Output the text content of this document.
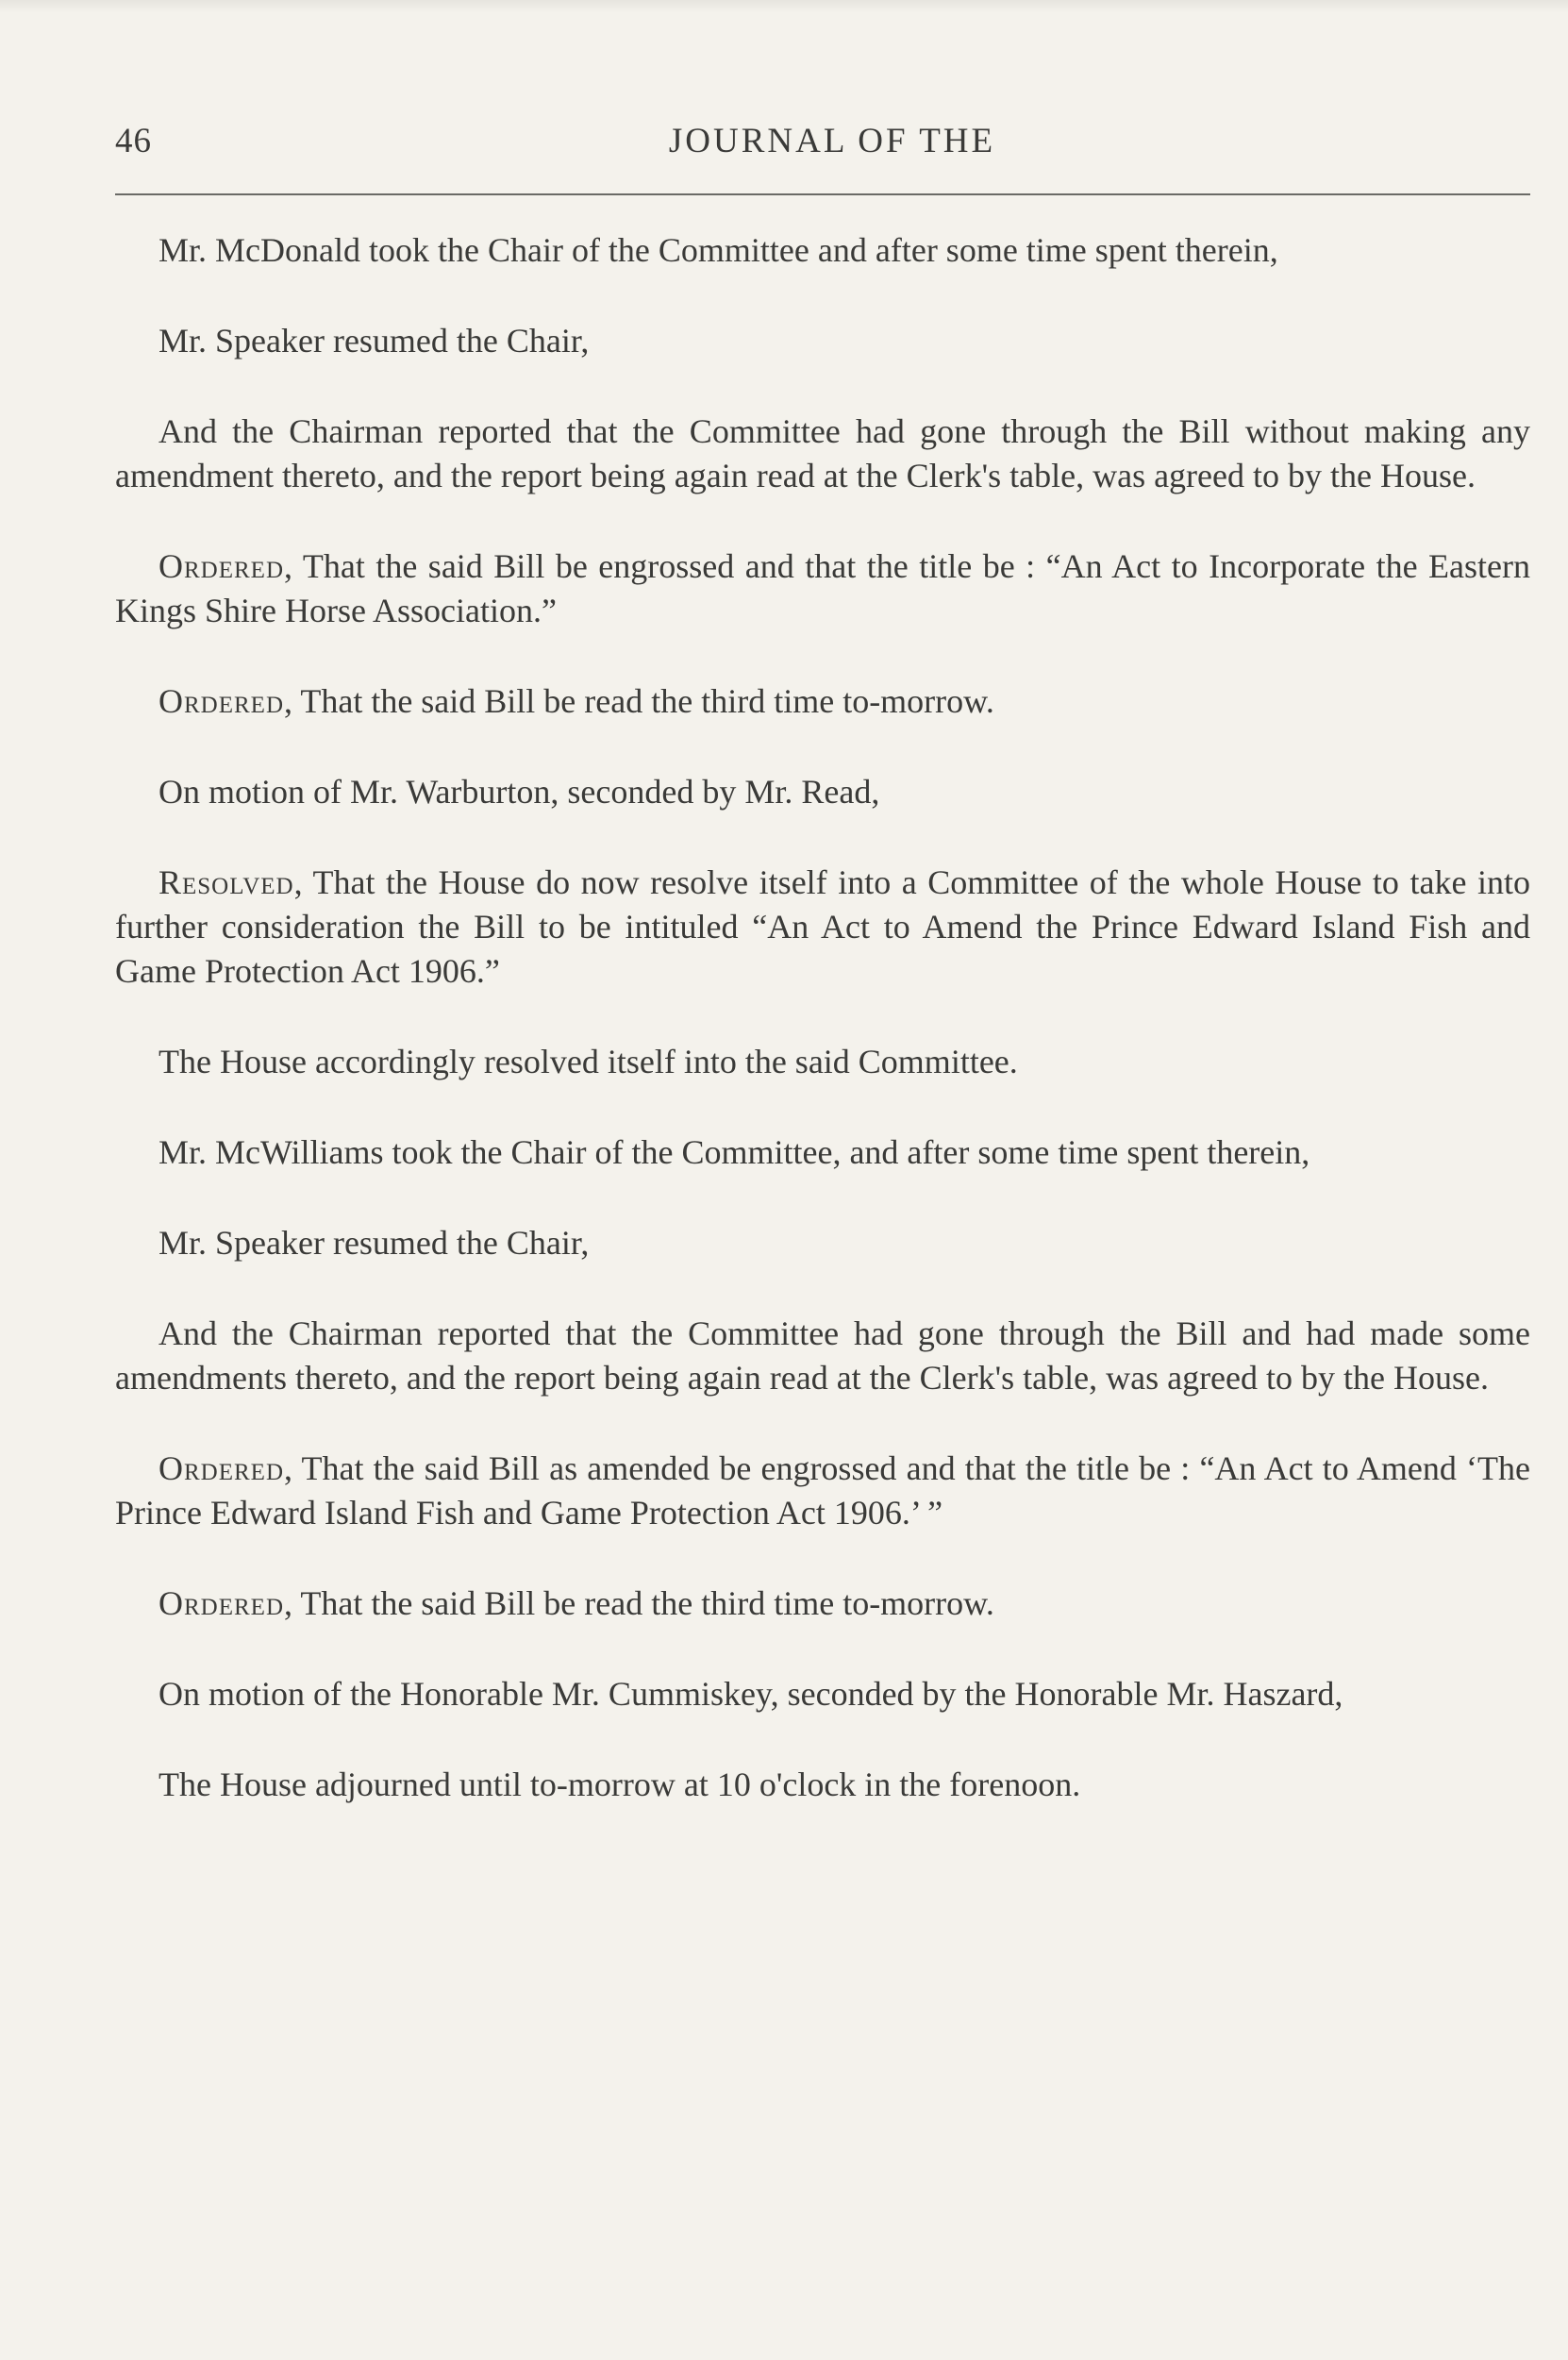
46	JOURNAL OF THE

Mr. McDonald took the Chair of the Committee and after some time spent therein,

Mr. Speaker resumed the Chair,

And the Chairman reported that the Committee had gone through the Bill without making any amendment thereto, and the report being again read at the Clerk's table, was agreed to by the House.

Ordered, That the said Bill be engrossed and that the title be : “An Act to Incorporate the Eastern Kings Shire Horse Association.”

Ordered, That the said Bill be read the third time to-morrow.

On motion of Mr. Warburton, seconded by Mr. Read,

Resolved, That the House do now resolve itself into a Committee of the whole House to take into further consideration the Bill to be intituled “An Act to Amend the Prince Edward Island Fish and Game Protection Act 1906.”

The House accordingly resolved itself into the said Committee.

Mr. McWilliams took the Chair of the Committee, and after some time spent therein,

Mr. Speaker resumed the Chair,

And the Chairman reported that the Committee had gone through the Bill and had made some amendments thereto, and the report being again read at the Clerk's table, was agreed to by the House.

Ordered, That the said Bill as amended be engrossed and that the title be : “An Act to Amend ‘The Prince Edward Island Fish and Game Protection Act 1906.’ ”

Ordered, That the said Bill be read the third time to-morrow.

On motion of the Honorable Mr. Cummiskey, seconded by the Honorable Mr. Haszard,

The House adjourned until to-morrow at 10 o'clock in the forenoon.
